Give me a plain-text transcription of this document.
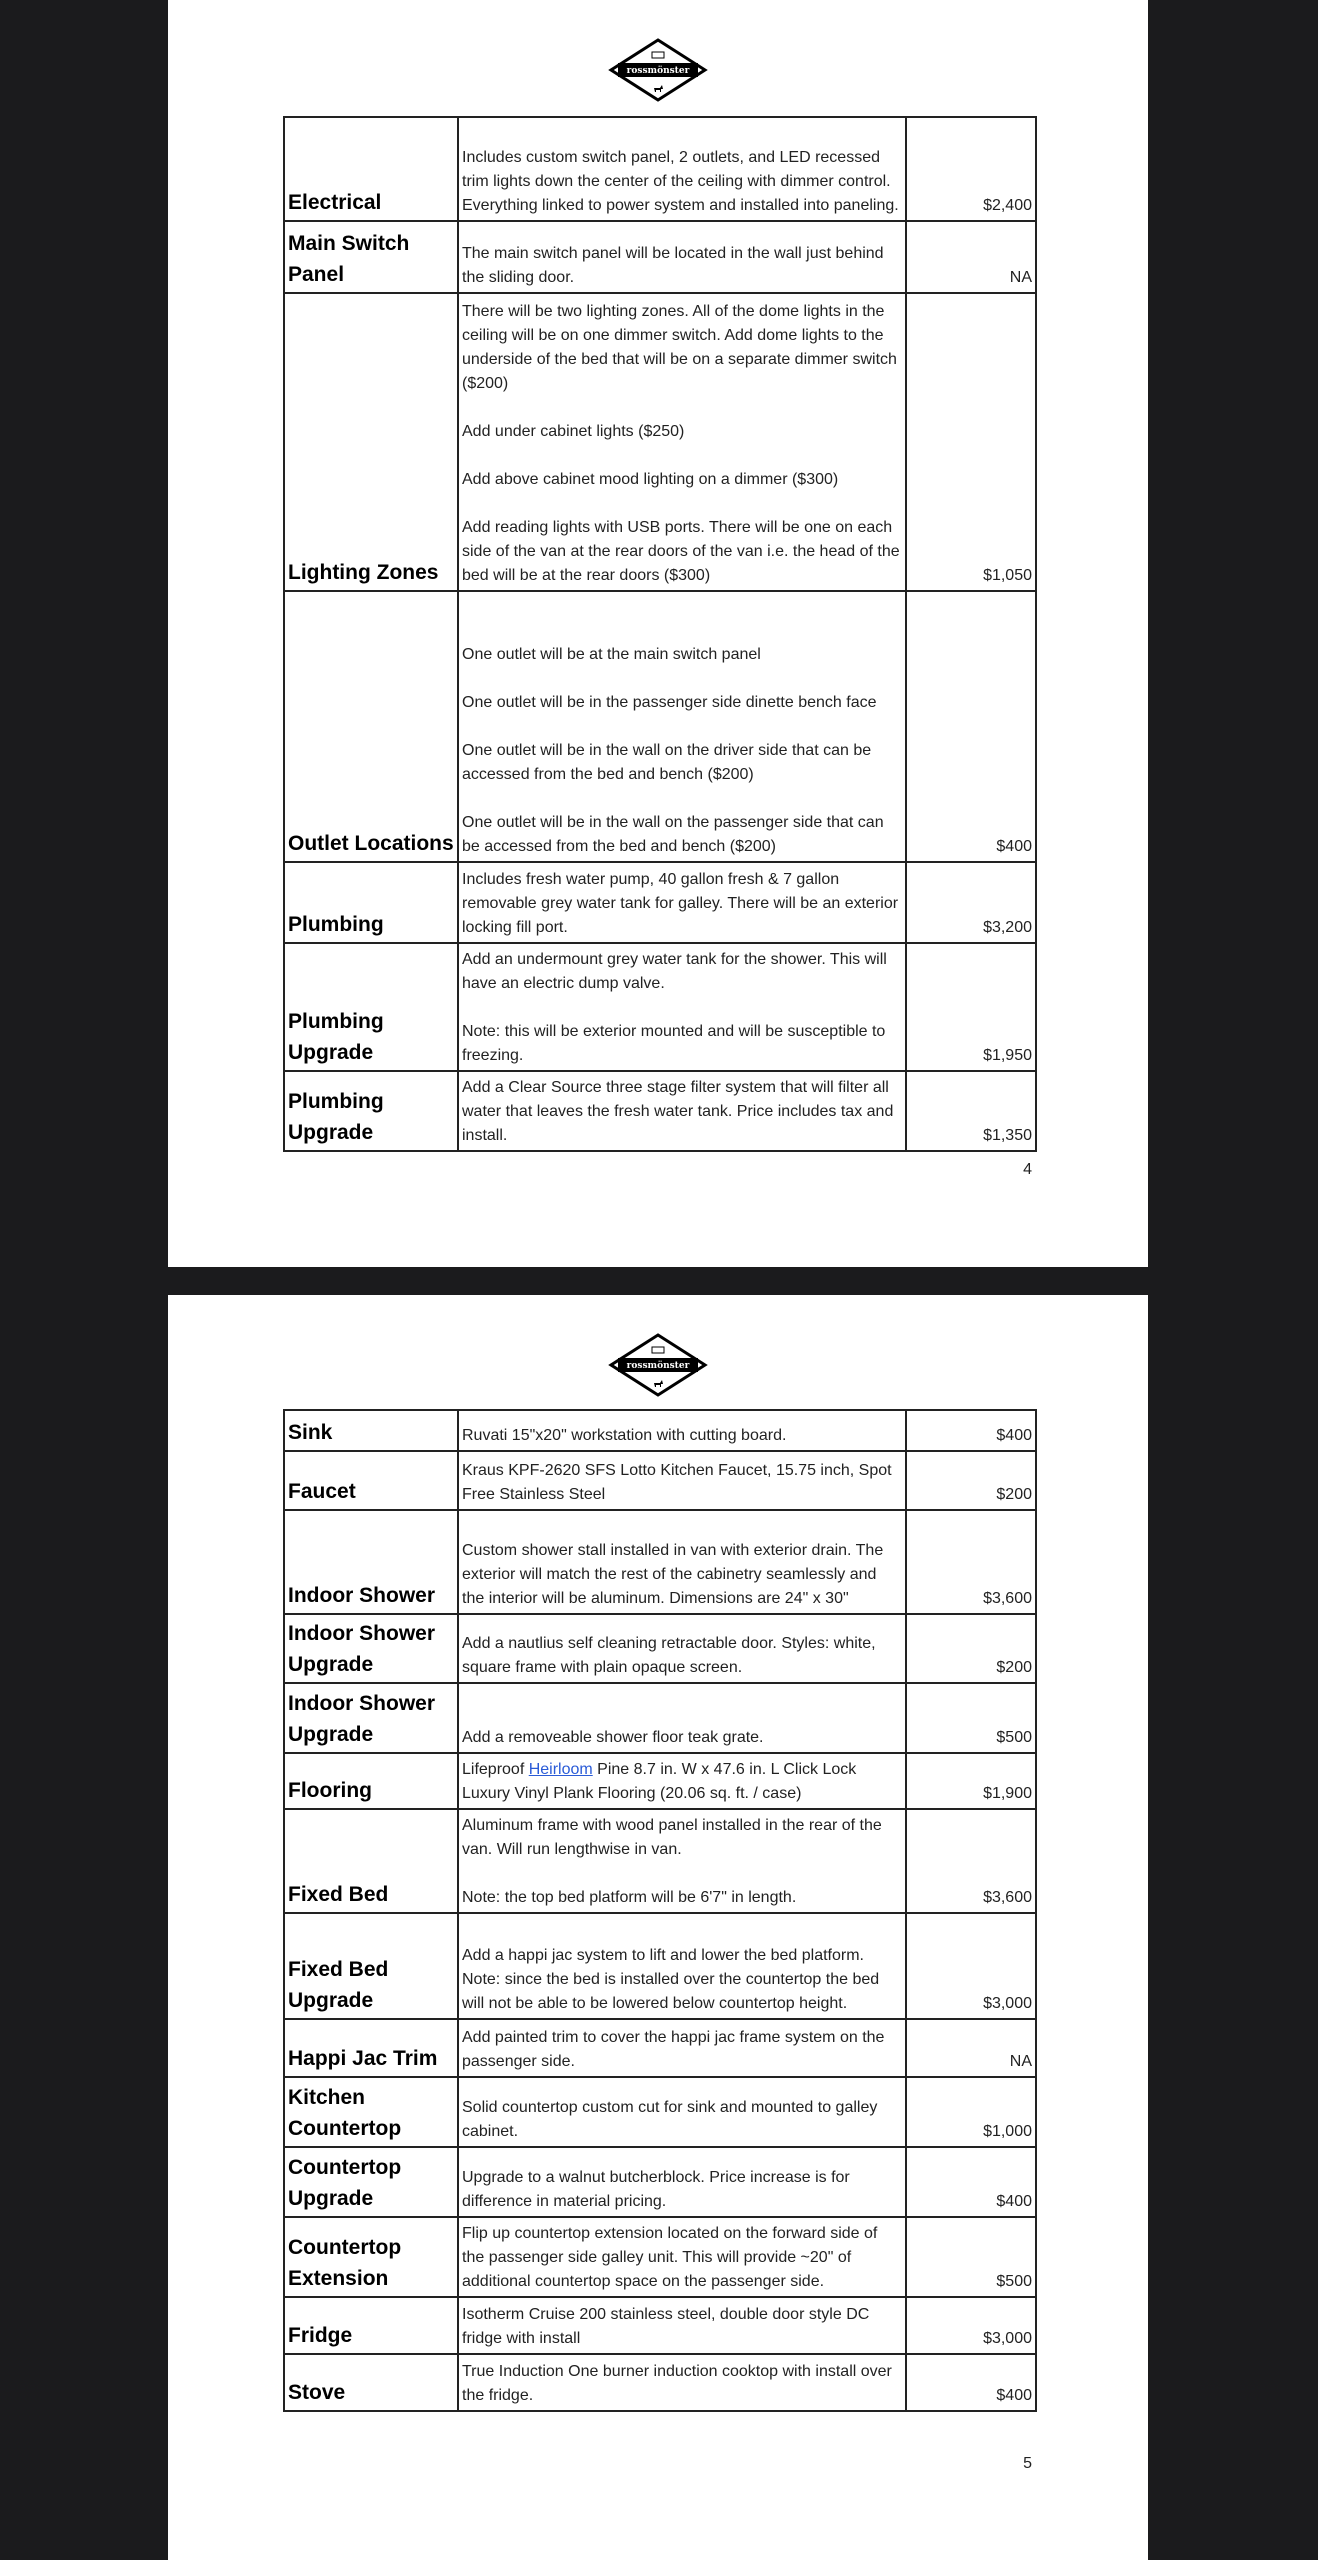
rossmönster
Electrical	Includes custom switch panel, 2 outlets, and LED recessed trim lights down the center of the ceiling with dimmer control. Everything linked to power system and installed into paneling.	$2,400
Main Switch Panel	The main switch panel will be located in the wall just behind the sliding door.	NA
Lighting Zones	There will be two lighting zones. All of the dome lights in the ceiling will be on one dimmer switch. Add dome lights to the underside of the bed that will be on a separate dimmer switch ($200)

Add under cabinet lights ($250)

Add above cabinet mood lighting on a dimmer ($300)

Add reading lights with USB ports. There will be one on each side of the van at the rear doors of the van i.e. the head of the bed will be at the rear doors ($300)	$1,050
Outlet Locations	One outlet will be at the main switch panel

One outlet will be in the passenger side dinette bench face

One outlet will be in the wall on the driver side that can be accessed from the bed and bench ($200)

One outlet will be in the wall on the passenger side that can be accessed from the bed and bench ($200)	$400
Plumbing	Includes fresh water pump, 40 gallon fresh & 7 gallon removable grey water tank for galley. There will be an exterior locking fill port.	$3,200
Plumbing Upgrade	Add an undermount grey water tank for the shower. This will have an electric dump valve.

Note: this will be exterior mounted and will be susceptible to freezing.	$1,950
Plumbing Upgrade	Add a Clear Source three stage filter system that will filter all water that leaves the fresh water tank. Price includes tax and install.	$1,350
4
rossmönster
Sink	Ruvati 15"x20" workstation with cutting board.	$400
Faucet	Kraus KPF-2620 SFS Lotto Kitchen Faucet, 15.75 inch, Spot Free Stainless Steel	$200
Indoor Shower	Custom shower stall installed in van with exterior drain. The exterior will match the rest of the cabinetry seamlessly and the interior will be aluminum. Dimensions are 24" x 30"	$3,600
Indoor Shower Upgrade	Add a nautlius self cleaning retractable door. Styles: white, square frame with plain opaque screen.	$200
Indoor Shower Upgrade	Add a removeable shower floor teak grate.	$500
Flooring	Lifeproof Heirloom Pine 8.7 in. W x 47.6 in. L Click Lock Luxury Vinyl Plank Flooring (20.06 sq. ft. / case)	$1,900
Fixed Bed	Aluminum frame with wood panel installed in the rear of the van. Will run lengthwise in van.

Note: the top bed platform will be 6'7" in length.	$3,600
Fixed Bed Upgrade	Add a happi jac system to lift and lower the bed platform. Note: since the bed is installed over the countertop the bed will not be able to be lowered below countertop height.	$3,000
Happi Jac Trim	Add painted trim to cover the happi jac frame system on the passenger side.	NA
Kitchen Countertop	Solid countertop custom cut for sink and mounted to galley cabinet.	$1,000
Countertop Upgrade	Upgrade to a walnut butcherblock. Price increase is for difference in material pricing.	$400
Countertop Extension	Flip up countertop extension located on the forward side of the passenger side galley unit. This will provide ~20" of additional countertop space on the passenger side.	$500
Fridge	Isotherm Cruise 200 stainless steel, double door style DC fridge with install	$3,000
Stove	True Induction One burner induction cooktop with install over the fridge.	$400
5
